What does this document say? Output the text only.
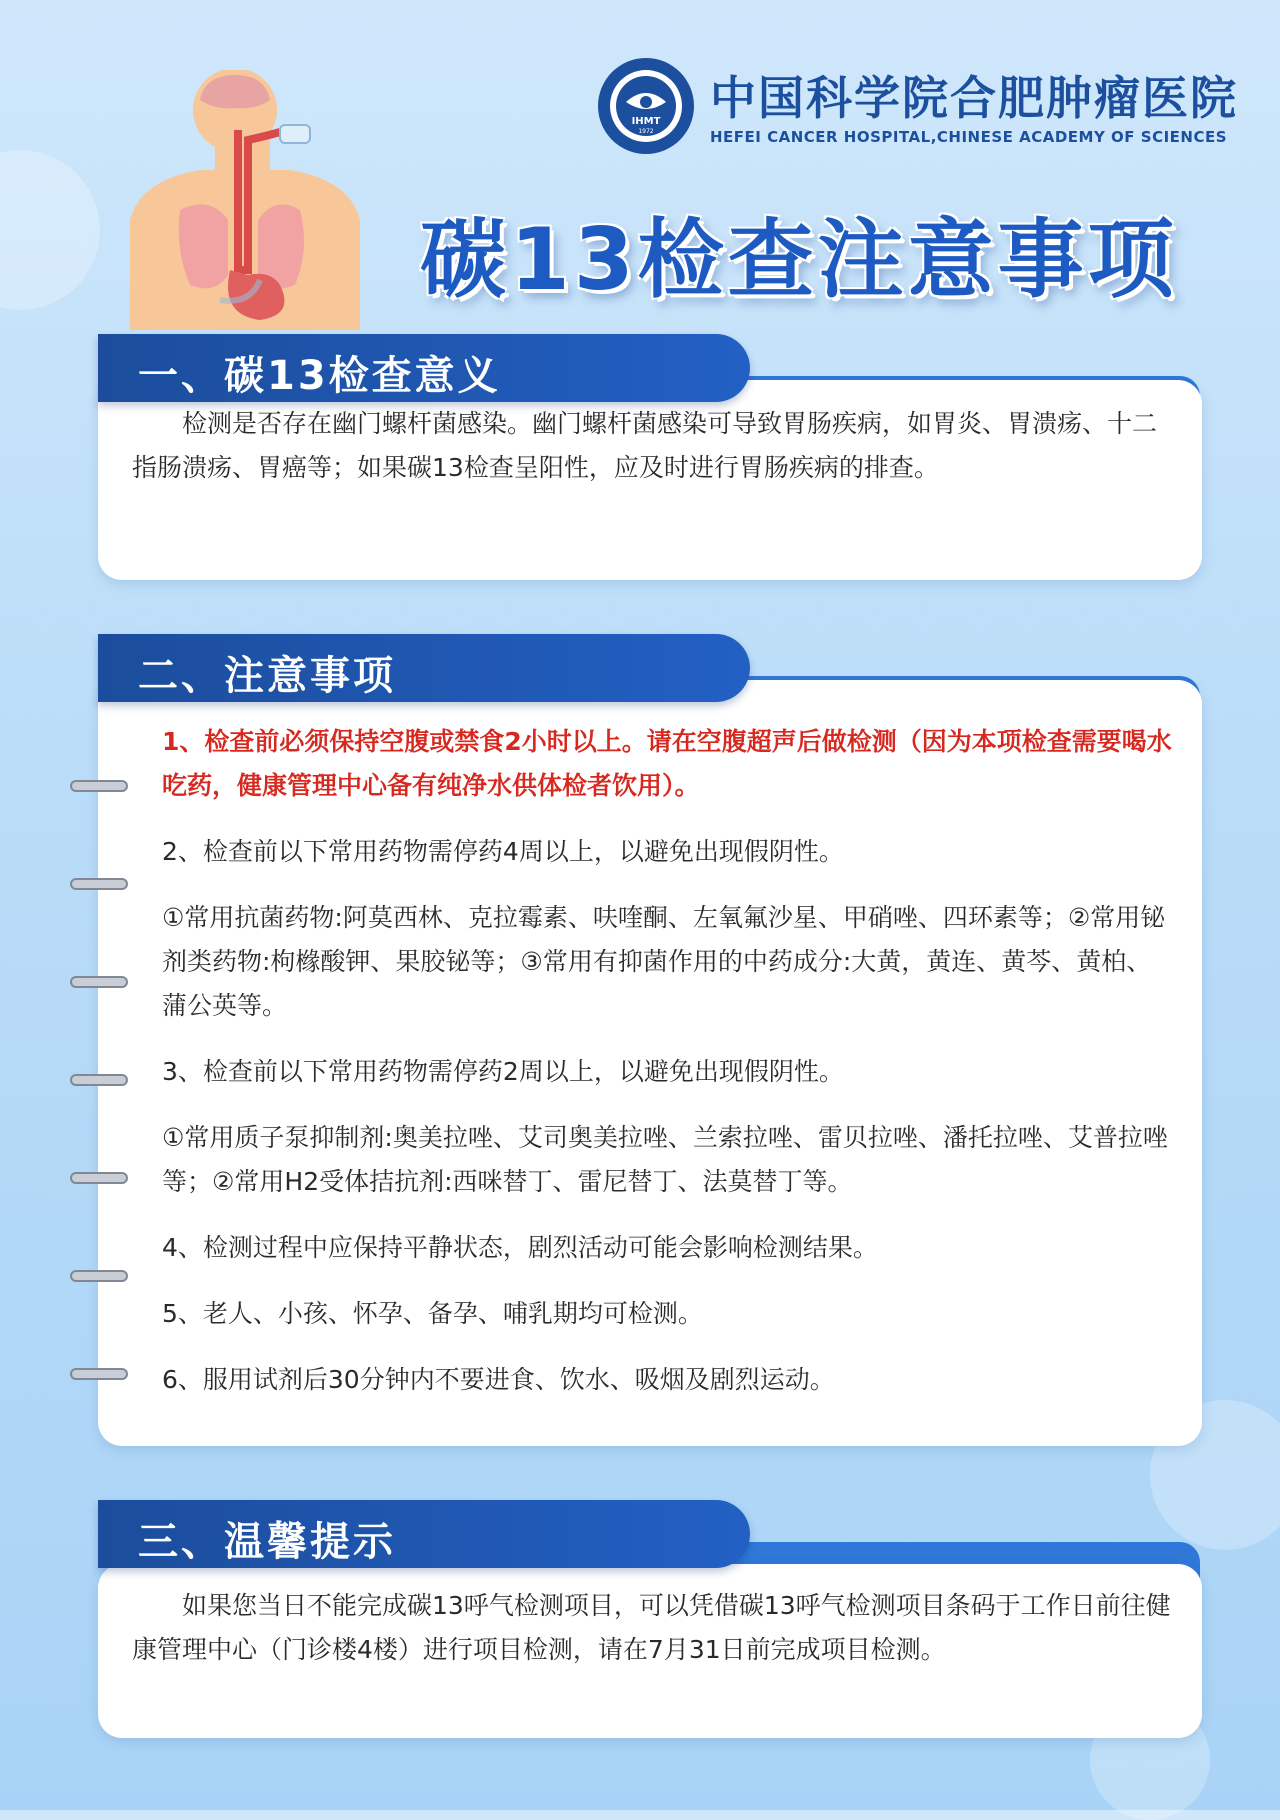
IHMT
1972
中国科学院合肥肿瘤医院
HEFEI CANCER HOSPITAL,CHINESE ACADEMY OF SCIENCES
碳13检查注意事项
一、碳13检查意义

检测是否存在幽门螺杆菌感染。幽门螺杆菌感染可导致胃肠疾病，如胃炎、胃溃疡、十二指肠溃疡、胃癌等；如果碳13检查呈阳性，应及时进行胃肠疾病的排查。

二、注意事项

1、检查前必须保持空腹或禁食2小时以上。请在空腹超声后做检测（因为本项检查需要喝水吃药，健康管理中心备有纯净水供体检者饮用）。

2、检查前以下常用药物需停药4周以上，以避免出现假阴性。

①常用抗菌药物:阿莫西林、克拉霉素、呋喹酮、左氧氟沙星、甲硝唑、四环素等；②常用铋剂类药物:枸橼酸钾、果胶铋等；③常用有抑菌作用的中药成分:大黄，黄连、黄芩、黄柏、蒲公英等。

3、检查前以下常用药物需停药2周以上，以避免出现假阴性。

①常用质子泵抑制剂:奥美拉唑、艾司奥美拉唑、兰索拉唑、雷贝拉唑、潘托拉唑、艾普拉唑等；②常用H2受体拮抗剂:西咪替丁、雷尼替丁、法莫替丁等。

4、检测过程中应保持平静状态，剧烈活动可能会影响检测结果。

5、老人、小孩、怀孕、备孕、哺乳期均可检测。

6、服用试剂后30分钟内不要进食、饮水、吸烟及剧烈运动。

三、温馨提示

如果您当日不能完成碳13呼气检测项目，可以凭借碳13呼气检测项目条码于工作日前往健康管理中心（门诊楼4楼）进行项目检测，请在7月31日前完成项目检测。
